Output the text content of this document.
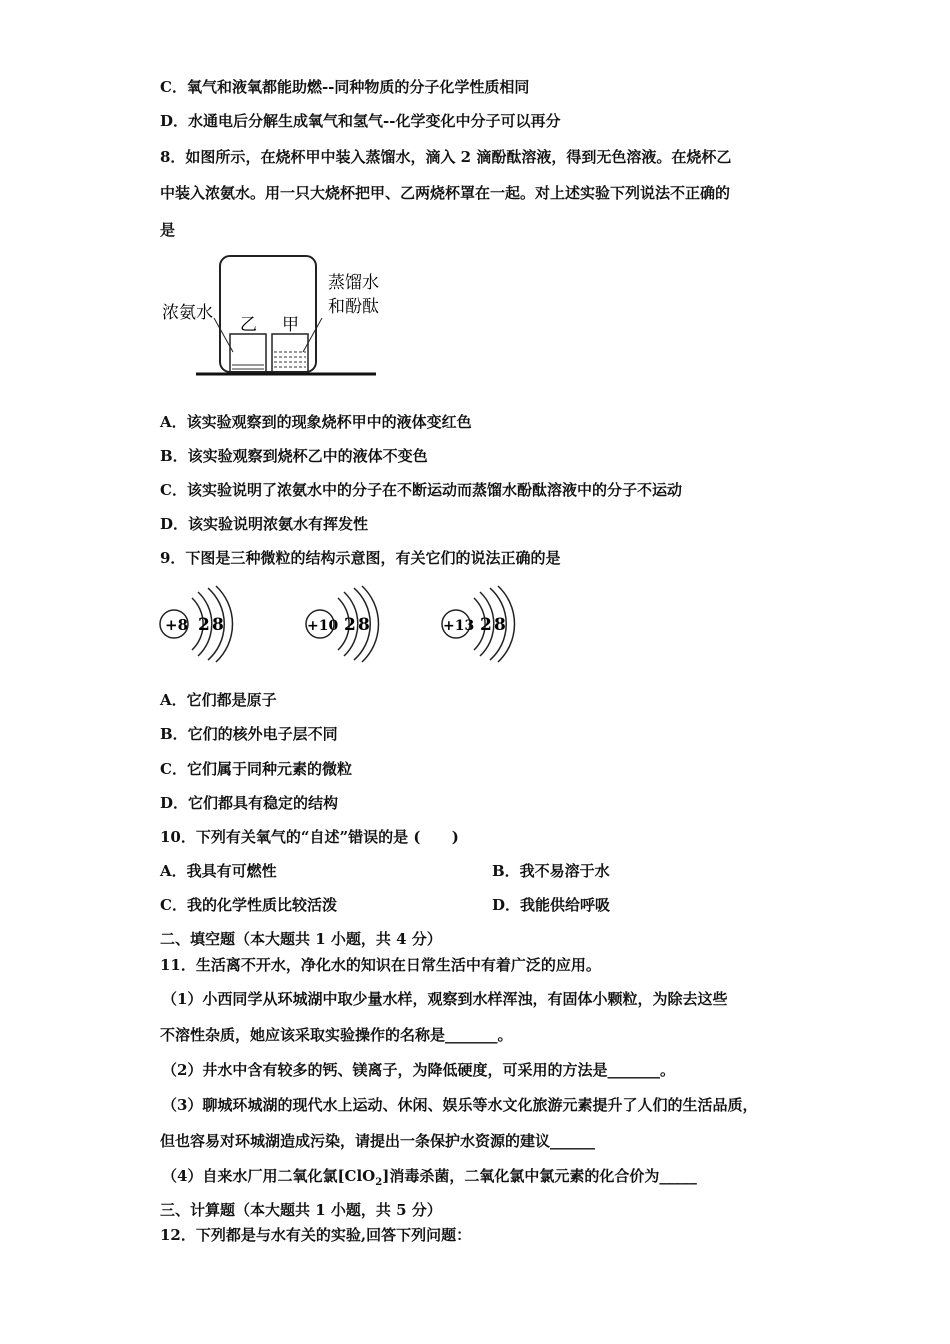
C．氧气和液氧都能助燃--同种物质的分子化学性质相同
D．水通电后分解生成氧气和氢气--化学变化中分子可以再分
8．如图所示，在烧杯甲中装入蒸馏水，滴入 2 滴酚酞溶液，得到无色溶液。在烧杯乙
中装入浓氨水。用一只大烧杯把甲、乙两烧杯罩在一起。对上述实验下列说法不正确的
是
浓氨水
乙 甲
蒸馏水
和酚酞
A．该实验观察到的现象烧杯甲中的液体变红色
B．该实验观察到烧杯乙中的液体不变色
C．该实验说明了浓氨水中的分子在不断运动而蒸馏水酚酞溶液中的分子不运动
D．该实验说明浓氨水有挥发性
9．下图是三种微粒的结构示意图，有关它们的说法正确的是
+8 2 8	+10 2 8	+13 2 8
A．它们都是原子
B．它们的核外电子层不同
C．它们属于同种元素的微粒
D．它们都具有稳定的结构
10．下列有关氧气的“自述”错误的是 (      )
A．我具有可燃性	B．我不易溶于水
C．我的化学性质比较活泼	D．我能供给呼吸
二、填空题（本大题共 1 小题，共 4 分）
11．生活离不开水，净化水的知识在日常生活中有着广泛的应用。
（1）小西同学从环城湖中取少量水样，观察到水样浑浊，有固体小颗粒，为除去这些
不溶性杂质，她应该采取实验操作的名称是_______。
（2）井水中含有较多的钙、镁离子，为降低硬度，可采用的方法是_______。
（3）聊城环城湖的现代水上运动、休闲、娱乐等水文化旅游元素提升了人们的生活品质，
但也容易对环城湖造成污染，请提出一条保护水资源的建议______
（4）自来水厂用二氧化氯[ClO$_2$]消毒杀菌，二氧化氯中氯元素的化合价为_____
三、计算题（本大题共 1 小题，共 5 分）
12．下列都是与水有关的实验,回答下列问题：
